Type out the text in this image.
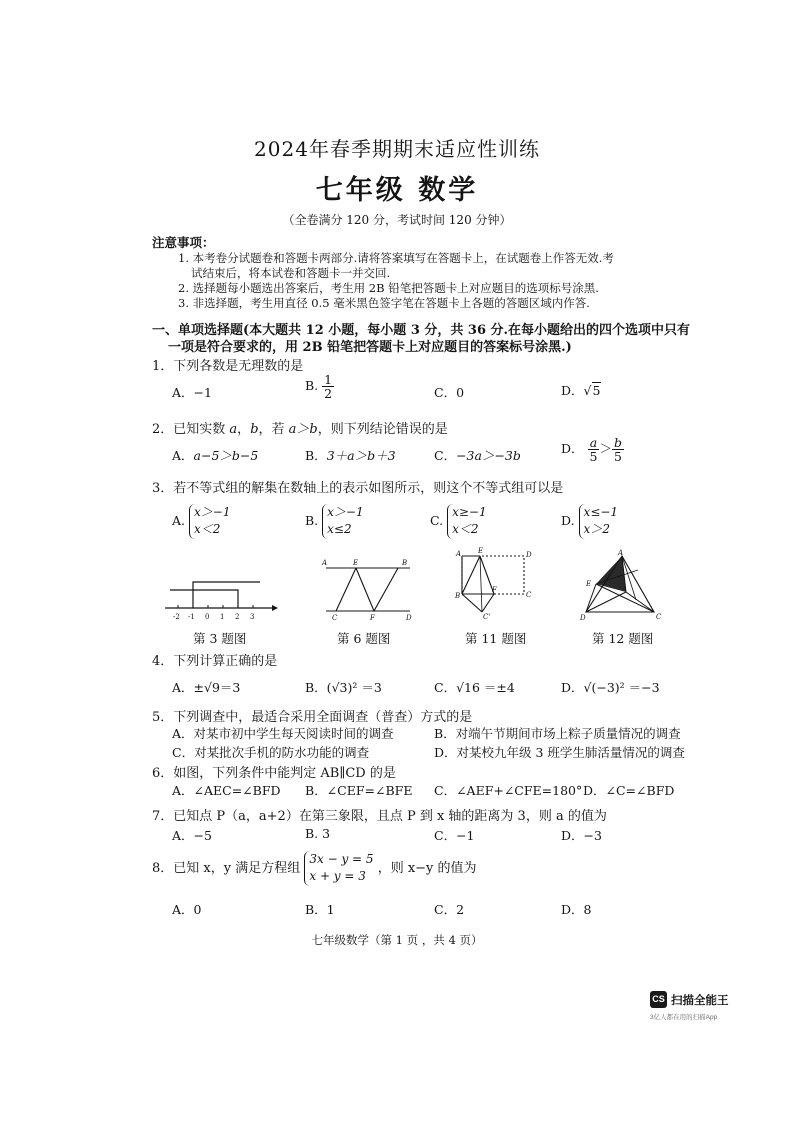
2024年春季期期末适应性训练
七年级 数学
（全卷满分 120 分，考试时间 120 分钟）
注意事项：
1. 本考卷分试题卷和答题卡两部分.请将答案填写在答题卡上，在试题卷上作答无效.考
试结束后，将本试卷和答题卡一并交回.
2. 选择题每小题选出答案后，考生用 2B 铅笔把答题卡上对应题目的选项标号涂黑.
3. 非选择题，考生用直径 0.5 毫米黑色签字笔在答题卡上各题的答题区域内作答.
一、单项选择题(本大题共 12 小题，每小题 3 分，共 36 分.在每小题给出的四个选项中只有
一项是符合要求的，用 2B 铅笔把答题卡上对应题目的答案标号涂黑.)
1．下列各数是无理数的是
A．−1	B. $\frac{1}{2}$	C．0	D．√5
2．已知实数 a，b，若 a＞b，则下列结论错误的是
A．a−5＞b−5	B．3＋a＞b＋3	C．−3a＞−3b	D． $\frac{a}{5} > \frac{b}{5}$
3．若不等式组的解集在数轴上的表示如图所示，则这个不等式组可以是
A. x＞−1
x＜2
B. x＞−1
x≤2
C. x≥−1
x＜2
D. x≤−1
x＞2
-2 -1 0 1 2 3
A	E	B
C	F	D
A E	D
B
F
C
C'
A
E
D	C
第 3 题图	第 6 题图	第 11 题图	第 12 题图
4．下列计算正确的是
A．±√9＝3	B．(√3)² ＝3	C．√16 ＝±4	D．√(−3)² ＝−3
5．下列调查中，最适合采用全面调查（普查）方式的是
A．对某市初中学生每天阅读时间的调查	B．对端午节期间市场上粽子质量情况的调查
C．对某批次手机的防水功能的调查	D．对某校九年级 3 班学生肺活量情况的调查
6．如图，下列条件中能判定 AB∥CD 的是
A．∠AEC=∠BFD B．∠CEF=∠BFE C．∠AEF+∠CFE=180° D．∠C=∠BFD
7．已知点 P（a，a+2）在第三象限，且点 P 到 x 轴的距离为 3，则 a 的值为
A．−5	B. 3	C．−1	D．−3
8．已知 x，y 满足方程组 3x − y = 5
x + y = 3 ，则 x−y 的值为
A．0	B．1	C．2	D．8
七年级数学（第 1 页 ，共 4 页）
CS 扫描全能王
3亿人都在用的扫描App
